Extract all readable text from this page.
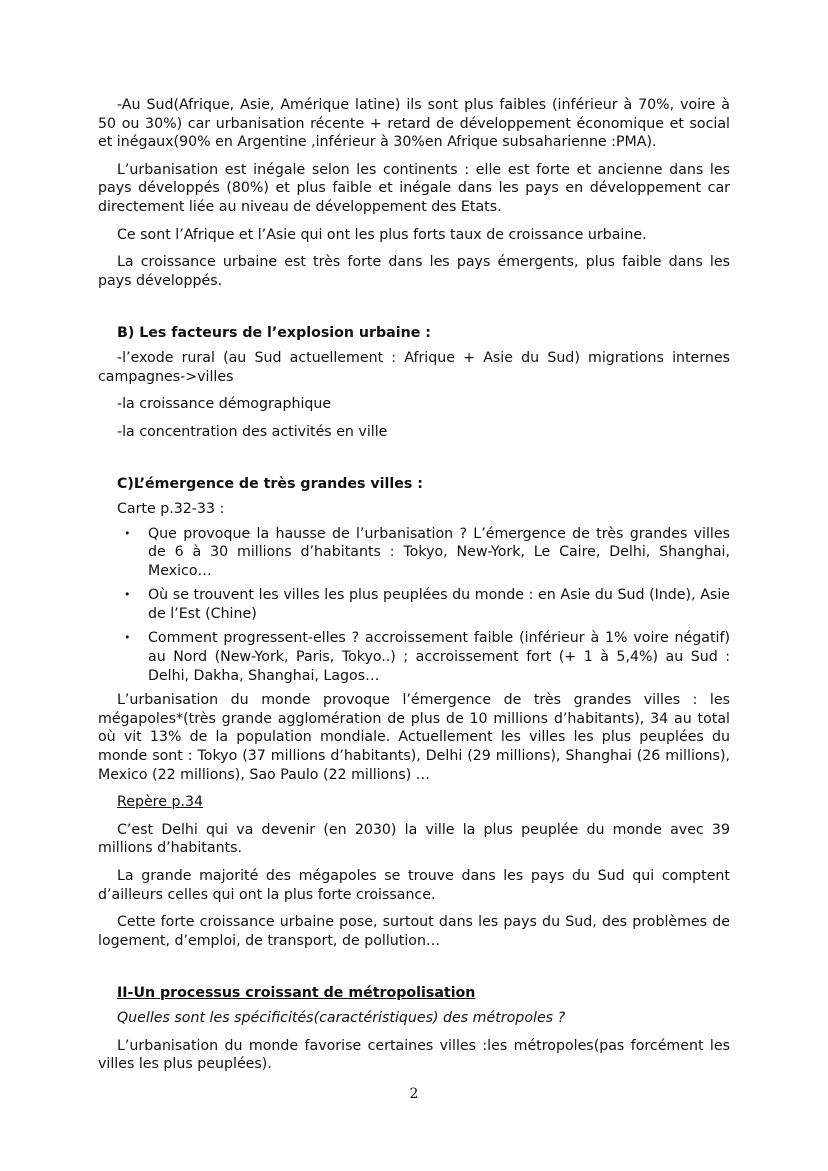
-Au Sud(Afrique, Asie, Amérique latine) ils sont plus faibles (inférieur à 70%, voire à 50 ou 30%) car urbanisation récente + retard de développement économique et social et inégaux(90% en Argentine ,inférieur à 30%en Afrique subsaharienne :PMA).

L’urbanisation est inégale selon les continents : elle est forte et ancienne dans les pays développés (80%) et plus faible et inégale dans les pays en développement car directement liée au niveau de développement des Etats.

Ce sont l’Afrique et l’Asie qui ont les plus forts taux de croissance urbaine.

La croissance urbaine est très forte dans les pays émergents, plus faible dans les pays développés.

B) Les facteurs de l’explosion urbaine :

-l’exode rural (au Sud actuellement : Afrique + Asie du Sud) migrations internes campagnes->villes

-la croissance démographique

-la concentration des activités en ville

C)L’émergence de très grandes villes :

Carte p.32-33 :

• Que provoque la hausse de l’urbanisation ? L’émergence de très grandes villes de 6 à 30 millions d’habitants : Tokyo, New-York, Le Caire, Delhi, Shanghai, Mexico…
• Où se trouvent les villes les plus peuplées du monde : en Asie du Sud (Inde), Asie de l’Est (Chine)
• Comment progressent-elles ? accroissement faible (inférieur à 1% voire négatif) au Nord (New-York, Paris, Tokyo..) ; accroissement fort (+ 1 à 5,4%) au Sud : Delhi, Dakha, Shanghai, Lagos…

L’urbanisation du monde provoque l’émergence de très grandes villes : les mégapoles*(très grande agglomération de plus de 10 millions d’habitants), 34 au total où vit 13% de la population mondiale. Actuellement les villes les plus peuplées du monde sont : Tokyo (37 millions d’habitants), Delhi (29 millions), Shanghai (26 millions), Mexico (22 millions), Sao Paulo (22 millions) …

Repère p.34

C’est Delhi qui va devenir (en 2030) la ville la plus peuplée du monde avec 39 millions d’habitants.

La grande majorité des mégapoles se trouve dans les pays du Sud qui comptent d’ailleurs celles qui ont la plus forte croissance.

Cette forte croissance urbaine pose, surtout dans les pays du Sud, des problèmes de logement, d’emploi, de transport, de pollution…

II-Un processus croissant de métropolisation

Quelles sont les spécificités(caractéristiques) des métropoles ?

L’urbanisation du monde favorise certaines villes :les métropoles(pas forcément les villes les plus peuplées).

2
